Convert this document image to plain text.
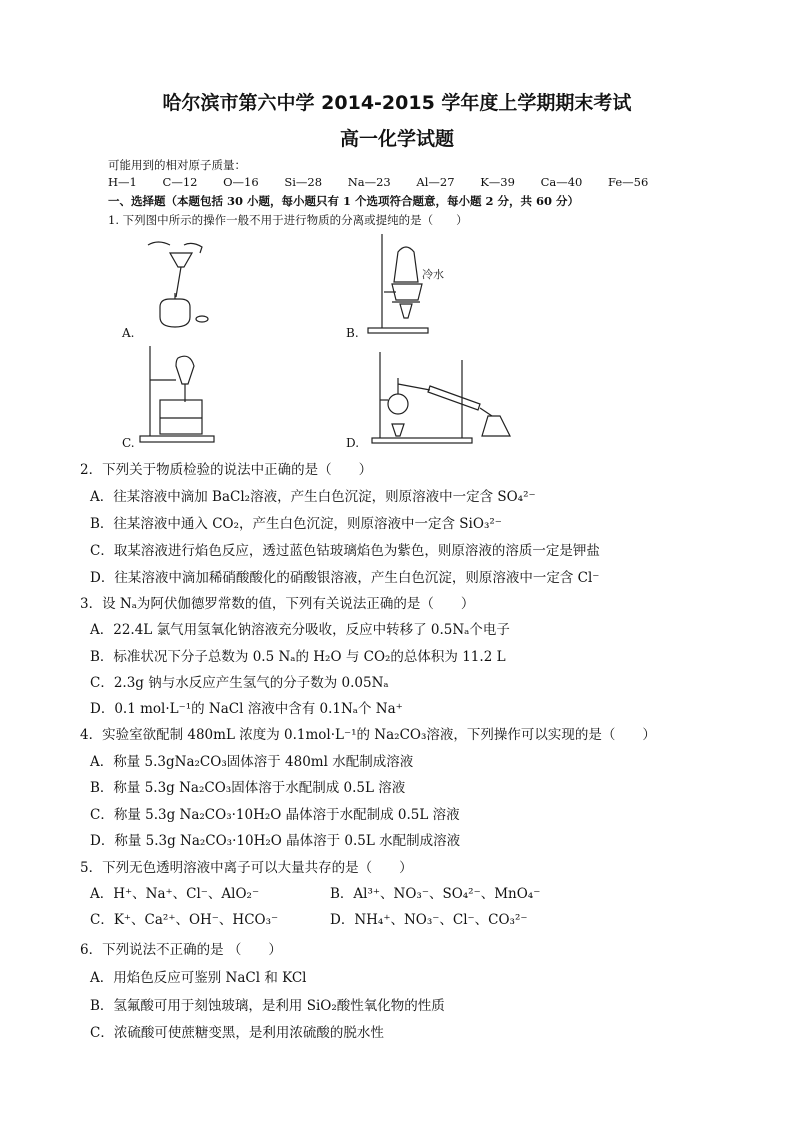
哈尔滨市第六中学 2014-2015 学年度上学期期末考试
高一化学试题
可能用到的相对原子质量：
H—1 C—12 O—16 Si—28 Na—23 Al—27 K—39 Ca—40 Fe—56
一、选择题（本题包括 30 小题，每小题只有 1 个选项符合题意，每小题 2 分，共 60 分）
1. 下列图中所示的操作一般不用于进行物质的分离或提纯的是（　　）
A.
冷水
B.
C.	D.
2．下列关于物质检验的说法中正确的是（　　）
A．往某溶液中滴加 BaCl₂溶液，产生白色沉淀，则原溶液中一定含 SO₄²⁻
B．往某溶液中通入 CO₂，产生白色沉淀，则原溶液中一定含 SiO₃²⁻
C．取某溶液进行焰色反应，透过蓝色钴玻璃焰色为紫色，则原溶液的溶质一定是钾盐
D．往某溶液中滴加稀硝酸酸化的硝酸银溶液，产生白色沉淀，则原溶液中一定含 Cl⁻
3．设 Nₐ为阿伏伽德罗常数的值，下列有关说法正确的是（　　）
A．22.4L 氯气用氢氧化钠溶液充分吸收，反应中转移了 0.5Nₐ个电子
B．标准状况下分子总数为 0.5 Nₐ的 H₂O 与 CO₂的总体积为 11.2 L
C．2.3g 钠与水反应产生氢气的分子数为 0.05Nₐ
D．0.1 mol·L⁻¹的 NaCl 溶液中含有 0.1Nₐ个 Na⁺
4．实验室欲配制 480mL 浓度为 0.1mol·L⁻¹的 Na₂CO₃溶液，下列操作可以实现的是（　　）
A．称量 5.3gNa₂CO₃固体溶于 480ml 水配制成溶液
B．称量 5.3g Na₂CO₃固体溶于水配制成 0.5L 溶液
C．称量 5.3g Na₂CO₃·10H₂O 晶体溶于水配制成 0.5L 溶液
D．称量 5.3g Na₂CO₃·10H₂O 晶体溶于 0.5L 水配制成溶液
5．下列无色透明溶液中离子可以大量共存的是（　　）
A．H⁺、Na⁺、Cl⁻、AlO₂⁻	B．Al³⁺、NO₃⁻、SO₄²⁻、MnO₄⁻
C．K⁺、Ca²⁺、OH⁻、HCO₃⁻	D．NH₄⁺、NO₃⁻、Cl⁻、CO₃²⁻
6．下列说法不正确的是 （　　）
A．用焰色反应可鉴别 NaCl 和 KCl
B．氢氟酸可用于刻蚀玻璃，是利用 SiO₂酸性氧化物的性质
C．浓硫酸可使蔗糖变黑，是利用浓硫酸的脱水性
